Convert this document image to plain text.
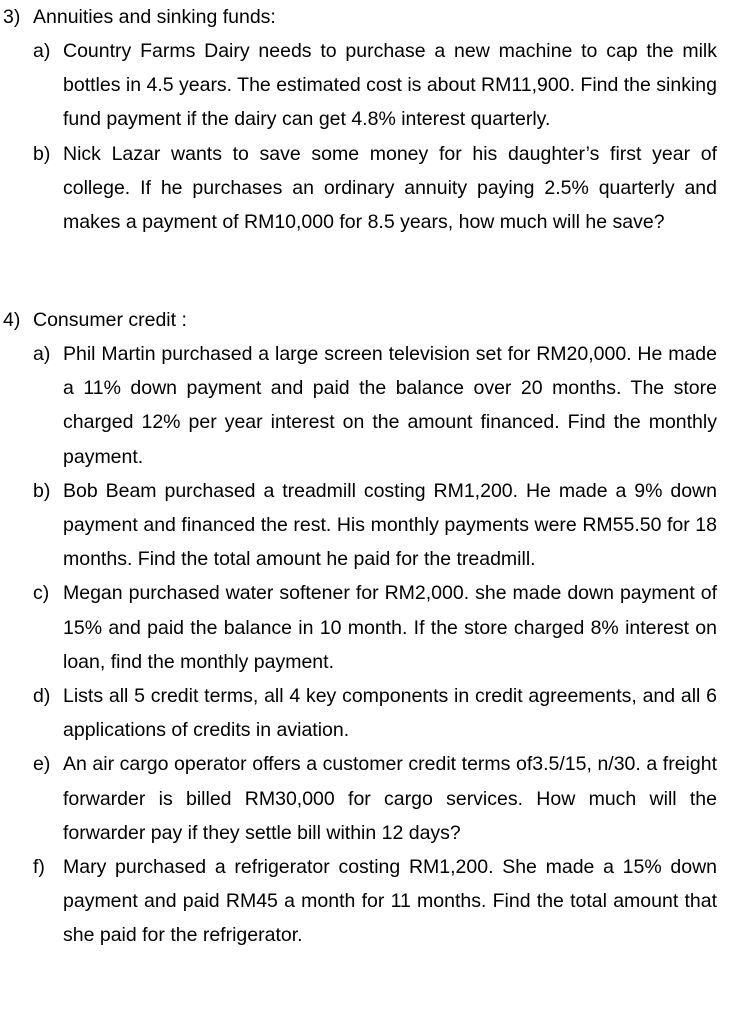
3) Annuities and sinking funds:
a) Country Farms Dairy needs to purchase a new machine to cap the milk bottles in 4.5 years. The estimated cost is about RM11,900. Find the sinking fund payment if the dairy can get 4.8% interest quarterly.
b) Nick Lazar wants to save some money for his daughter’s first year of college. If he purchases an ordinary annuity paying 2.5% quarterly and makes a payment of RM10,000 for 8.5 years, how much will he save?
4) Consumer credit :
a) Phil Martin purchased a large screen television set for RM20,000. He made a 11% down payment and paid the balance over 20 months. The store charged 12% per year interest on the amount financed. Find the monthly payment.
b) Bob Beam purchased a treadmill costing RM1,200. He made a 9% down payment and financed the rest. His monthly payments were RM55.50 for 18 months. Find the total amount he paid for the treadmill.
c) Megan purchased water softener for RM2,000. she made down payment of 15% and paid the balance in 10 month. If the store charged 8% interest on loan, find the monthly payment.
d) Lists all 5 credit terms, all 4 key components in credit agreements, and all 6 applications of credits in aviation.
e) An air cargo operator offers a customer credit terms of3.5/15, n/30. a freight forwarder is billed RM30,000 for cargo services. How much will the forwarder pay if they settle bill within 12 days?
f) Mary purchased a refrigerator costing RM1,200. She made a 15% down payment and paid RM45 a month for 11 months. Find the total amount that she paid for the refrigerator.
